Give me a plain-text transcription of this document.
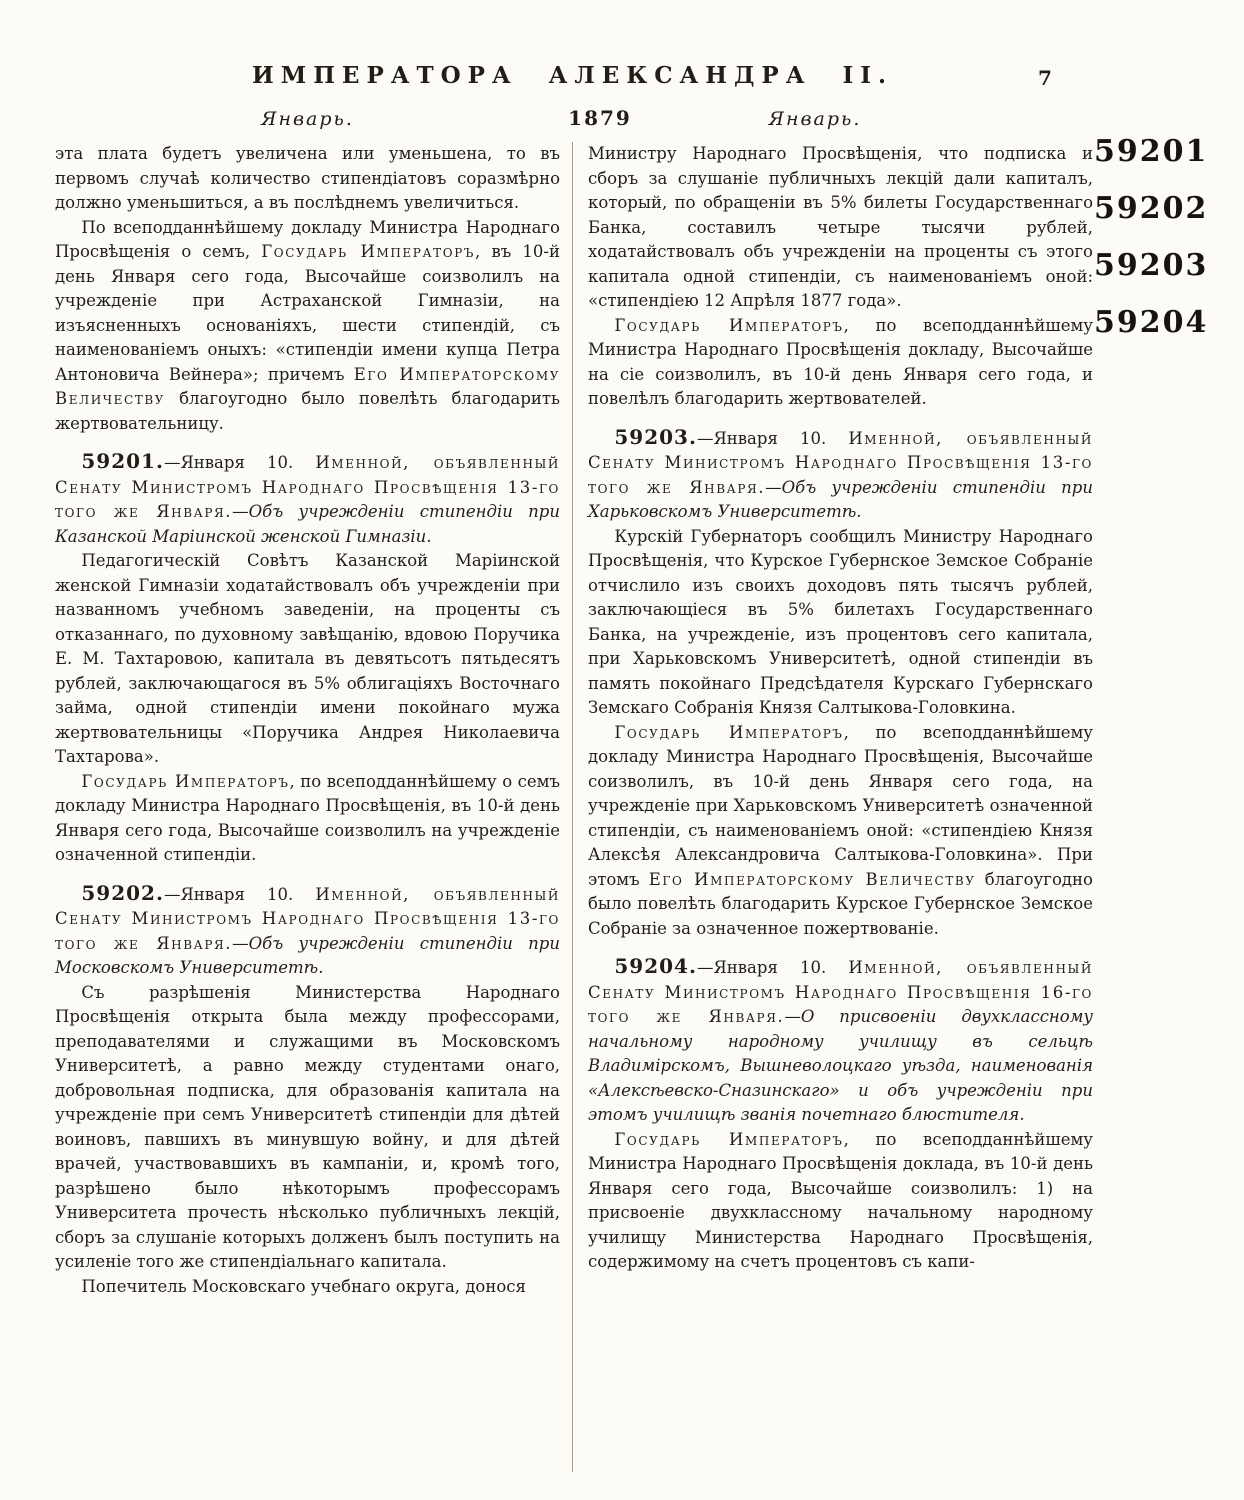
ИМПЕРАТОРА АЛЕКСАНДРА II.	7
Январь.	1879	Январь.

эта плата будетъ увеличена или уменьшена, то въ первомъ случаѣ количество стипендіатовъ соразмѣрно должно уменьшиться, а въ послѣднемъ увеличиться.

По всеподданнѣйшему докладу Министра Народнаго Просвѣщенія о семъ, Государь Императоръ, въ 10-й день Января сего года, Высочайше соизволилъ на учрежденіе при Астраханской Гимназіи, на изъясненныхъ основаніяхъ, шести стипендій, съ наименованіемъ оныхъ: «стипендіи имени купца Петра Антоновича Вейнера»; причемъ Его Императорскому Величеству благоугодно было повелѣть благодарить жертвовательницу.

59201.—Января 10. Именной, объявленный Сенату Министромъ Народнаго Просвѣщенія 13-го того же Января.—Объ учрежденіи стипендіи при Казанской Маріинской женской Гимназіи.

Педагогическій Совѣтъ Казанской Маріинской женской Гимназіи ходатайствовалъ объ учрежденіи при названномъ учебномъ заведеніи, на проценты съ отказаннаго, по духовному завѣщанію, вдовою Поручика Е. М. Тахтаровою, капитала въ девятьсотъ пятьдесятъ рублей, заключающагося въ 5% облигаціяхъ Восточнаго займа, одной стипендіи имени покойнаго мужа жертвовательницы «Поручика Андрея Николаевича Тахтарова».

Государь Императоръ, по всеподданнѣйшему о семъ докладу Министра Народнаго Просвѣщенія, въ 10-й день Января сего года, Высочайше соизволилъ на учрежденіе означенной стипендіи.

59202.—Января 10. Именной, объявленный Сенату Министромъ Народнаго Просвѣщенія 13-го того же Января.—Объ учрежденіи стипендіи при Московскомъ Университетѣ.

Съ разрѣшенія Министерства Народнаго Просвѣщенія открыта была между профессорами, преподавателями и служащими въ Московскомъ Университетѣ, а равно между студентами онаго, добровольная подписка, для образованія капитала на учрежденіе при семъ Университетѣ стипендіи для дѣтей воиновъ, павшихъ въ минувшую войну, и для дѣтей врачей, участвовавшихъ въ кампаніи, и, кромѣ того, разрѣшено было нѣкоторымъ профессорамъ Университета прочесть нѣсколько публичныхъ лекцій, сборъ за слушаніе которыхъ долженъ былъ поступить на усиленіе того же стипендіальнаго капитала.

Попечитель Московскаго учебнаго округа, донося

Министру Народнаго Просвѣщенія, что подписка и сборъ за слушаніе публичныхъ лекцій дали капиталъ, который, по обращеніи въ 5% билеты Государственнаго Банка, составилъ четыре тысячи рублей, ходатайствовалъ объ учрежденіи на проценты съ этого капитала одной стипендіи, съ наименованіемъ оной: «стипендіею 12 Апрѣля 1877 года».

Государь Императоръ, по всеподданнѣйшему Министра Народнаго Просвѣщенія докладу, Высочайше на сіе соизволилъ, въ 10-й день Января сего года, и повелѣлъ благодарить жертвователей.

59203.—Января 10. Именной, объявленный Сенату Министромъ Народнаго Просвѣщенія 13-го того же Января.—Объ учрежденіи стипендіи при Харьковскомъ Университетѣ.

Курскій Губернаторъ сообщилъ Министру Народнаго Просвѣщенія, что Курское Губернское Земское Собраніе отчислило изъ своихъ доходовъ пять тысячъ рублей, заключающіеся въ 5% билетахъ Государственнаго Банка, на учрежденіе, изъ процентовъ сего капитала, при Харьковскомъ Университетѣ, одной стипендіи въ память покойнаго Предсѣдателя Курскаго Губернскаго Земскаго Собранія Князя Салтыкова-Головкина.

Государь Императоръ, по всеподданнѣйшему докладу Министра Народнаго Просвѣщенія, Высочайше соизволилъ, въ 10-й день Января сего года, на учрежденіе при Харьковскомъ Университетѣ означенной стипендіи, съ наименованіемъ оной: «стипендіею Князя Алексѣя Александровича Салтыкова-Головкина». При этомъ Его Императорскому Величеству благоугодно было повелѣть благодарить Курское Губернское Земское Собраніе за означенное пожертвованіе.

59204.—Января 10. Именной, объявленный Сенату Министромъ Народнаго Просвѣщенія 16-го того же Января.—О присвоеніи двухклассному начальному народному училищу въ сельцѣ Владимірскомъ, Вышневолоцкаго уѣзда, наименованія «Алексѣевско-Сназинскаго» и объ учрежденіи при этомъ училищѣ званія почетнаго блюстителя.

Государь Императоръ, по всеподданнѣйшему Министра Народнаго Просвѣщенія доклада, въ 10-й день Января сего года, Высочайше соизволилъ: 1) на присвоеніе двухклассному начальному народному училищу Министерства Народнаго Просвѣщенія, содержимому на счетъ процентовъ съ капи-

59201
59202
59203
59204
